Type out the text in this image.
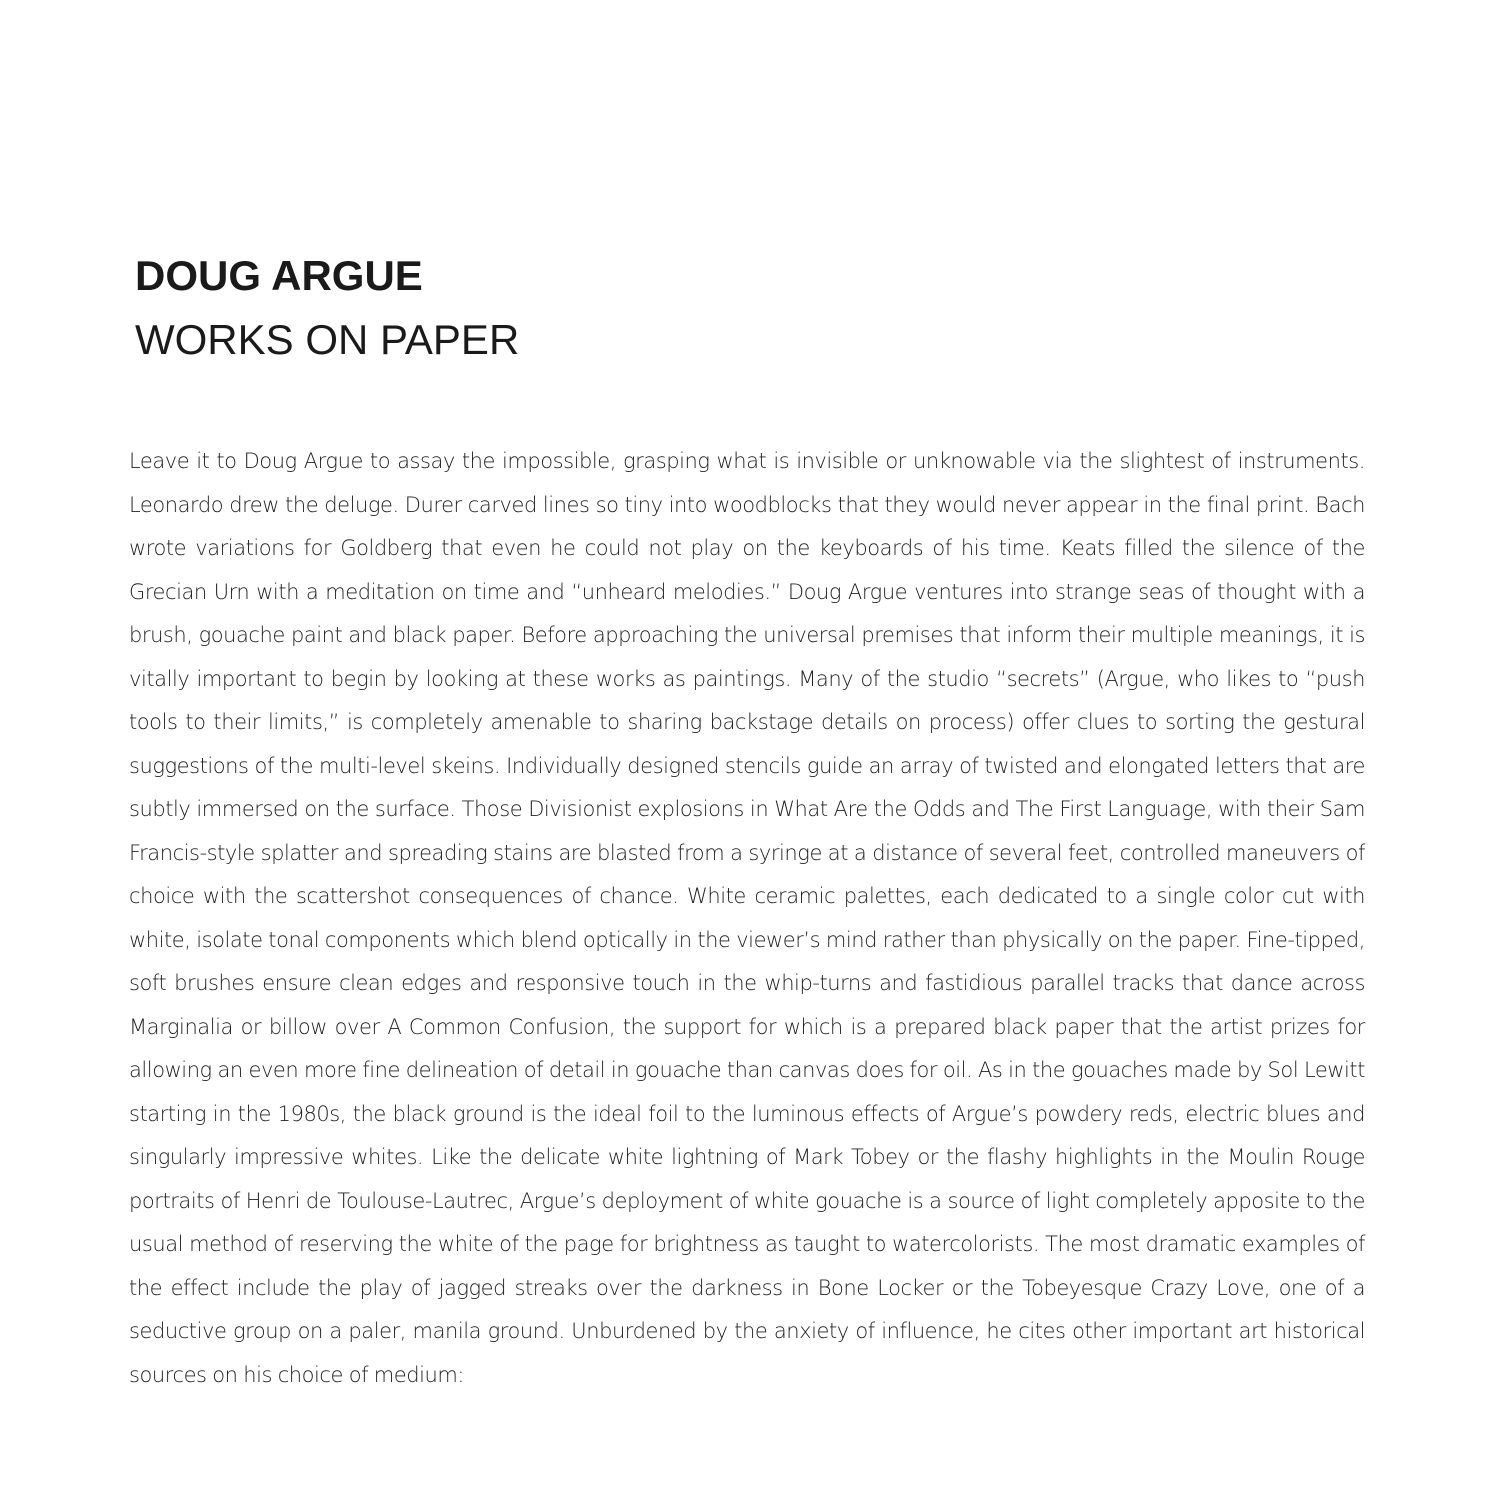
DOUG ARGUE
WORKS ON PAPER

Leave it to Doug Argue to assay the impossible, grasping what is invisible or unknowable via the slightest of instruments. Leonardo drew the deluge. Durer carved lines so tiny into woodblocks that they would never appear in the final print. Bach wrote variations for Goldberg that even he could not play on the keyboards of his time. Keats filled the silence of the Grecian Urn with a meditation on time and “unheard melodies.” Doug Argue ventures into strange seas of thought with a brush, gouache paint and black paper. Before approaching the universal premises that inform their multiple meanings, it is vitally important to begin by looking at these works as paintings. Many of the studio “secrets” (Argue, who likes to “push tools to their limits,” is completely amenable to sharing backstage details on process) offer clues to sorting the gestural suggestions of the multi-level skeins. Individually designed stencils guide an array of twisted and elongated letters that are subtly immersed on the surface. Those Divisionist explosions in What Are the Odds and The First Language, with their Sam Francis-style splatter and spreading stains are blasted from a syringe at a distance of several feet, controlled maneuvers of choice with the scattershot consequences of chance. White ceramic palettes, each dedicated to a single color cut with white, isolate tonal components which blend optically in the viewer’s mind rather than physically on the paper. Fine-tipped, soft brushes ensure clean edges and responsive touch in the whip-turns and fastidious parallel tracks that dance across Marginalia or billow over A Common Confusion, the support for which is a prepared black paper that the artist prizes for allowing an even more fine delineation of detail in gouache than canvas does for oil. As in the gouaches made by Sol Lewitt starting in the 1980s, the black ground is the ideal foil to the luminous effects of Argue’s powdery reds, electric blues and singularly impressive whites. Like the delicate white lightning of Mark Tobey or the flashy highlights in the Moulin Rouge portraits of Henri de Toulouse-Lautrec, Argue’s deployment of white gouache is a source of light completely apposite to the usual method of reserving the white of the page for brightness as taught to watercolorists. The most dramatic examples of the effect include the play of jagged streaks over the darkness in Bone Locker or the Tobeyesque Crazy Love, one of a seductive group on a paler, manila ground. Unburdened by the anxiety of influence, he cites other important art historical sources on his choice of medium:
